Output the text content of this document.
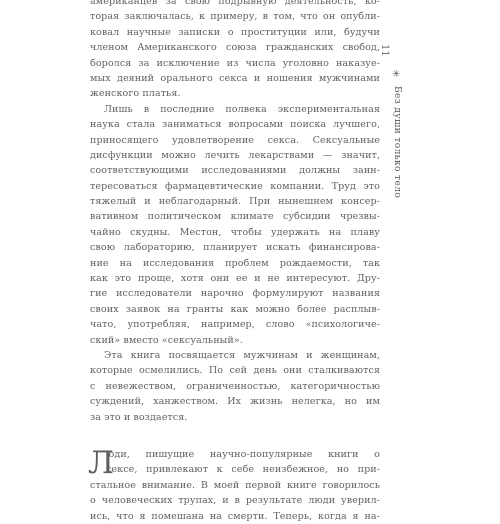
американцев за свою подрывную деятельность, ко-
торая заключалась, к примеру, в том, что он опубли-
ковал научные записки о проституции или, будучи
членом Американского союза гражданских свобод,
боролся за исключение из числа уголовно наказуе-
мых деяний орального секса и ношения мужчинами
женского платья.
Лишь в последние полвека экспериментальная
наука стала заниматься вопросами поиска лучшего,
приносящего удовлетворение секса. Сексуальные
дисфункции можно лечить лекарствами — значит,
соответствующими исследованиями должны заин-
тересоваться фармацевтические компании. Труд это
тяжелый и неблагодарный. При нынешнем консер-
вативном политическом климате субсидии чрезвы-
чайно скудны. Местон, чтобы удержать на плаву
свою лабораторию, планирует искать финансирова-
ние на исследования проблем рождаемости, так
как это проще, хотя они ее и не интересуют. Дру-
гие исследователи нарочно формулируют названия
своих заявок на гранты как можно более расплыв-
чато, употребляя, например, слово «психологиче-
ский» вместо «сексуальный».
Эта книга посвящается мужчинам и женщинам,
которые осмелились. По сей день они сталкиваются
с невежеством, ограниченностью, категоричностью
суждений, ханжеством. Их жизнь нелегка, но им
за это и воздается.
Л
юди, пишущие научно-популярные книги о
сексе, привлекают к себе неизбежное, но при-
стальное внимание. В моей первой книге говорилось
о человеческих трупах, и в результате люди уверил-
ись, что я помешана на смерти. Теперь, когда я на-
11
✳
Без души только тело
